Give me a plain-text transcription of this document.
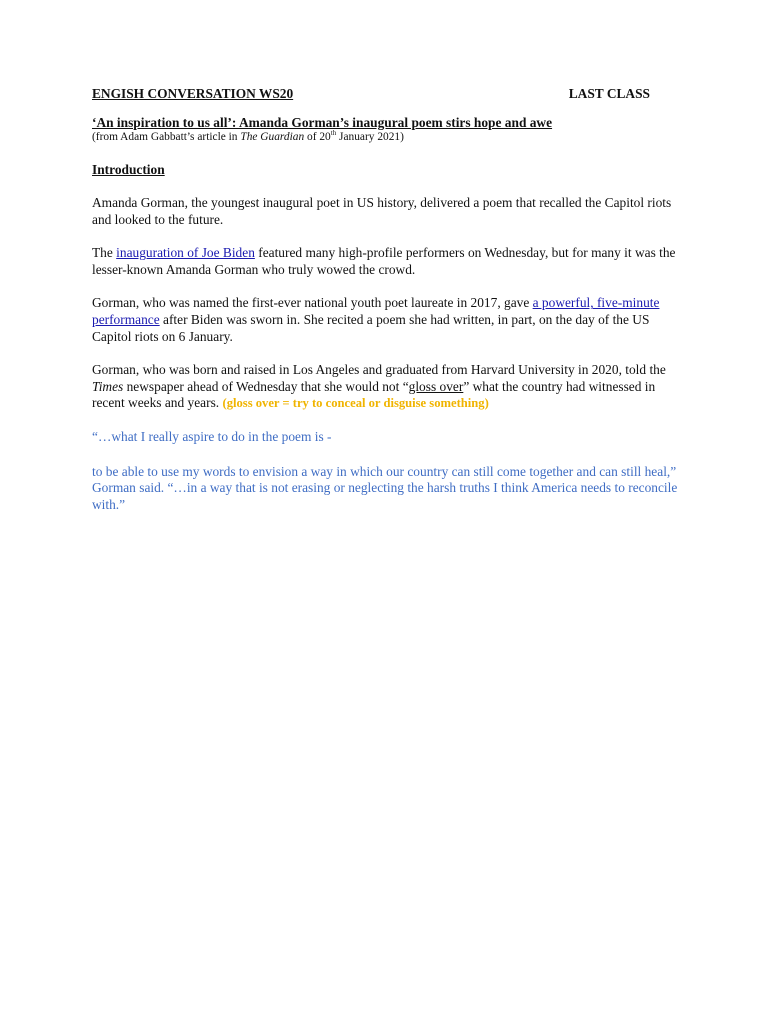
ENGISH CONVERSATION WS20	LAST CLASS

‘An inspiration to us all’: Amanda Gorman’s inaugural poem stirs hope and awe

(from Adam Gabbatt’s article in The Guardian of 20th January 2021)

Introduction

Amanda Gorman, the youngest inaugural poet in US history, delivered a poem that recalled the Capitol riots and looked to the future.

The inauguration of Joe Biden featured many high-profile performers on Wednesday, but for many it was the lesser-known Amanda Gorman who truly wowed the crowd.

Gorman, who was named the first-ever national youth poet laureate in 2017, gave a powerful, five-minute performance after Biden was sworn in. She recited a poem she had written, in part, on the day of the US Capitol riots on 6 January.

Gorman, who was born and raised in Los Angeles and graduated from Harvard University in 2020, told the Times newspaper ahead of Wednesday that she would not “gloss over” what the country had witnessed in recent weeks and years. (gloss over = try to conceal or disguise something)

“…what I really aspire to do in the poem is -

to be able to use my words to envision a way in which our country can still come together and can still heal,” Gorman said. “…in a way that is not erasing or neglecting the harsh truths I think America needs to reconcile with.”
